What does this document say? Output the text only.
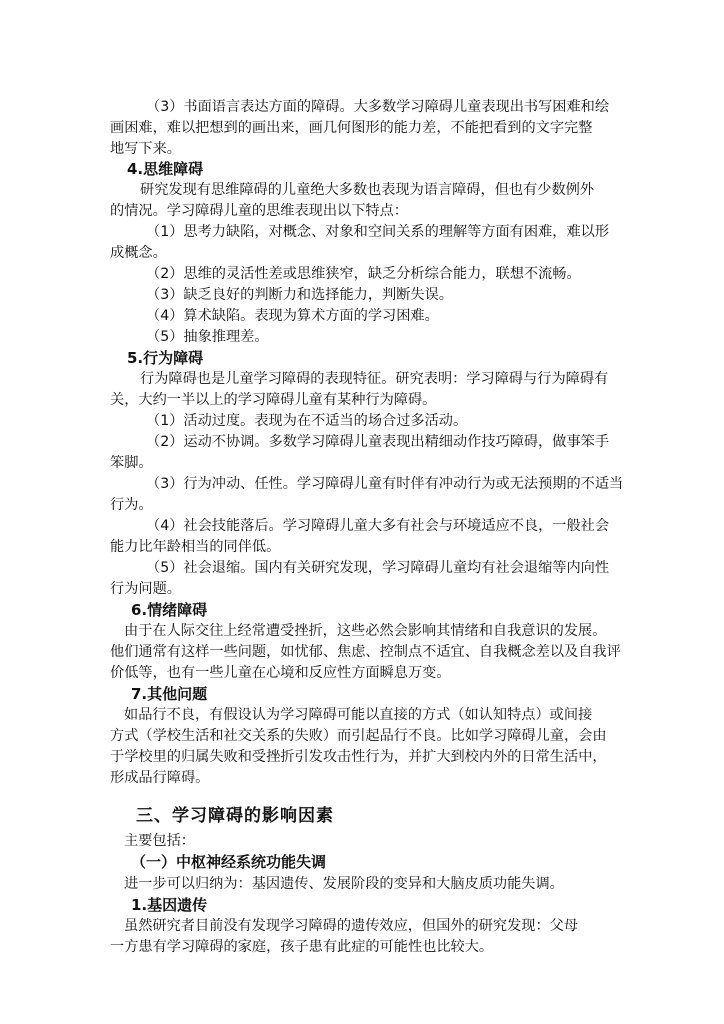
（3）书面语言表达方面的障碍。大多数学习障碍儿童表现出书写困难和绘
画困难，难以把想到的画出来，画几何图形的能力差，不能把看到的文字完整
地写下来。
4.思维障碍
研究发现有思维障碍的儿童绝大多数也表现为语言障碍，但也有少数例外
的情况。学习障碍儿童的思维表现出以下特点：
（1）思考力缺陷，对概念、对象和空间关系的理解等方面有困难，难以形
成概念。
（2）思维的灵活性差或思维狭窄，缺乏分析综合能力，联想不流畅。
（3）缺乏良好的判断力和选择能力，判断失误。
（4）算术缺陷。表现为算术方面的学习困难。
（5）抽象推理差。
5.行为障碍
行为障碍也是儿童学习障碍的表现特征。研究表明：学习障碍与行为障碍有
关，大约一半以上的学习障碍儿童有某种行为障碍。
（1）活动过度。表现为在不适当的场合过多活动。
（2）运动不协调。多数学习障碍儿童表现出精细动作技巧障碍，做事笨手
笨脚。
（3）行为冲动、任性。学习障碍儿童有时伴有冲动行为或无法预期的不适当
行为。
（4）社会技能落后。学习障碍儿童大多有社会与环境适应不良，一般社会
能力比年龄相当的同伴低。
（5）社会退缩。国内有关研究发现，学习障碍儿童均有社会退缩等内向性
行为问题。
6.情绪障碍
由于在人际交往上经常遭受挫折，这些必然会影响其情绪和自我意识的发展。
他们通常有这样一些问题，如忧郁、焦虑、控制点不适宜、自我概念差以及自我评
价低等，也有一些儿童在心境和反应性方面瞬息万变。
7.其他问题
如品行不良，有假设认为学习障碍可能以直接的方式（如认知特点）或间接
方式（学校生活和社交关系的失败）而引起品行不良。比如学习障碍儿童，会由
于学校里的归属失败和受挫折引发攻击性行为，并扩大到校内外的日常生活中，
形成品行障碍。
三、学习障碍的影响因素
主要包括：
（一）中枢神经系统功能失调
进一步可以归纳为：基因遗传、发展阶段的变异和大脑皮质功能失调。
1.基因遗传
虽然研究者目前没有发现学习障碍的遗传效应，但国外的研究发现：父母
一方患有学习障碍的家庭，孩子患有此症的可能性也比较大。
